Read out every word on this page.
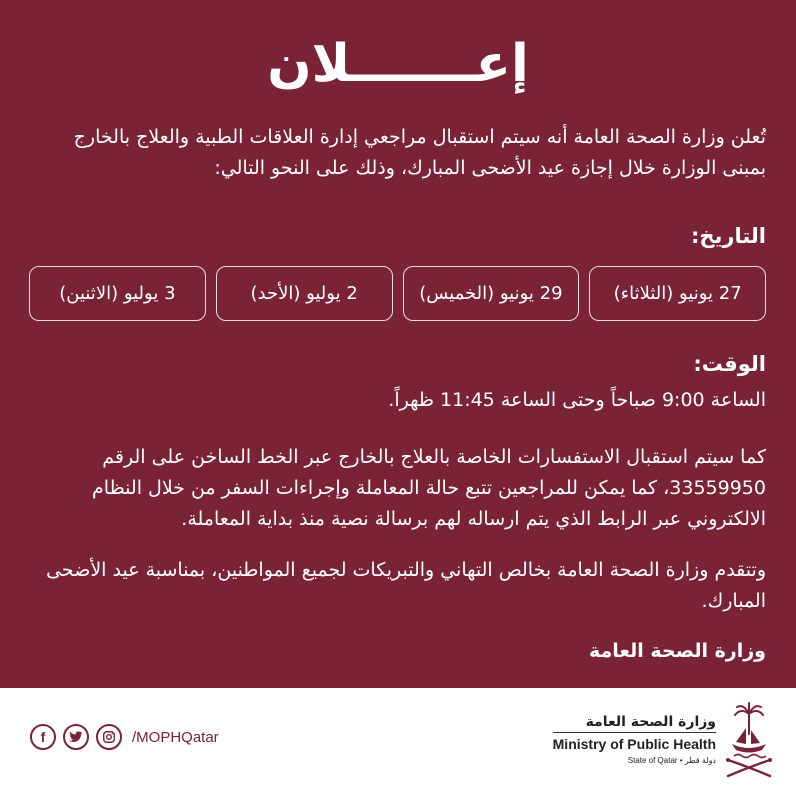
إعـــــــلان
تُعلن وزارة الصحة العامة أنه سيتم استقبال مراجعي إدارة العلاقات الطبية والعلاج بالخارج بمبنى الوزارة خلال إجازة عيد الأضحى المبارك، وذلك على النحو التالي:
التاريخ:
27 يونيو (الثلاثاء)
29 يونيو (الخميس)
2 يوليو (الأحد)
3 يوليو (الاثنين)
الوقت:
الساعة 9:00 صباحاً وحتى الساعة 11:45 ظهراً.
كما سيتم استقبال الاستفسارات الخاصة بالعلاج بالخارج عبر الخط الساخن على الرقم 33559950، كما يمكن للمراجعين تتبع حالة المعاملة وإجراءات السفر من خلال النظام الالكتروني عبر الرابط الذي يتم ارساله لهم برسالة نصية منذ بداية المعاملة.
وتتقدم وزارة الصحة العامة بخالص التهاني والتبريكات لجميع المواطنين، بمناسبة عيد الأضحى المبارك.
وزارة الصحة العامة
f	/MOPHQatar
وزارة الصحة العامة
Ministry of Public Health
State of Qatar • دولة قطر
